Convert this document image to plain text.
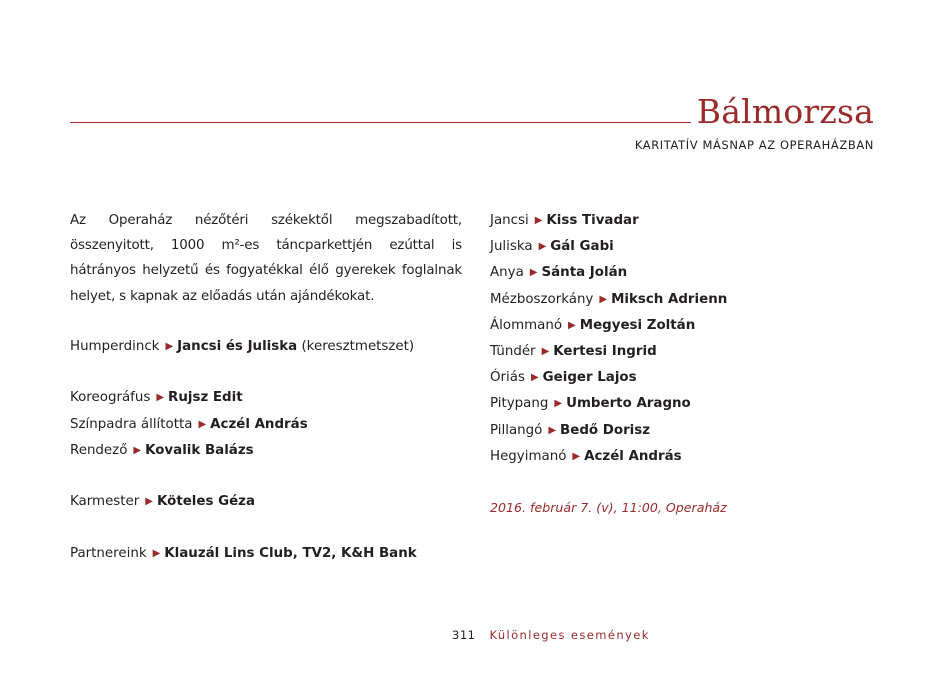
Bálmorzsa
KARITATÍV MÁSNAP AZ OPERAHÁZBAN

Az Operaház nézőtéri székektől megszabadított, összenyitott, 1000 m²-es táncparkettjén ezúttal is hátrányos helyzetű és fogyatékkal élő gyerekek foglalnak helyet, s kapnak az előadás után ajándékokat.

Humperdinck ▶ Jancsi és Juliska (keresztmetszet)
Koreográfus ▶ Rujsz Edit
Színpadra állította ▶ Aczél András
Rendező ▶ Kovalik Balázs
Karmester ▶ Köteles Géza
Partnereink ▶ Klauzál Lins Club, TV2, K&H Bank
Jancsi ▶ Kiss Tivadar
Juliska ▶ Gál Gabi
Anya ▶ Sánta Jolán
Mézboszorkány ▶ Miksch Adrienn
Álommanó ▶ Megyesi Zoltán
Tündér ▶ Kertesi Ingrid
Óriás ▶ Geiger Lajos
Pitypang ▶ Umberto Aragno
Pillangó ▶ Bedő Dorisz
Hegyimanó ▶ Aczél András
2016. február 7. (v), 11:00, Operaház
311 Különleges események
